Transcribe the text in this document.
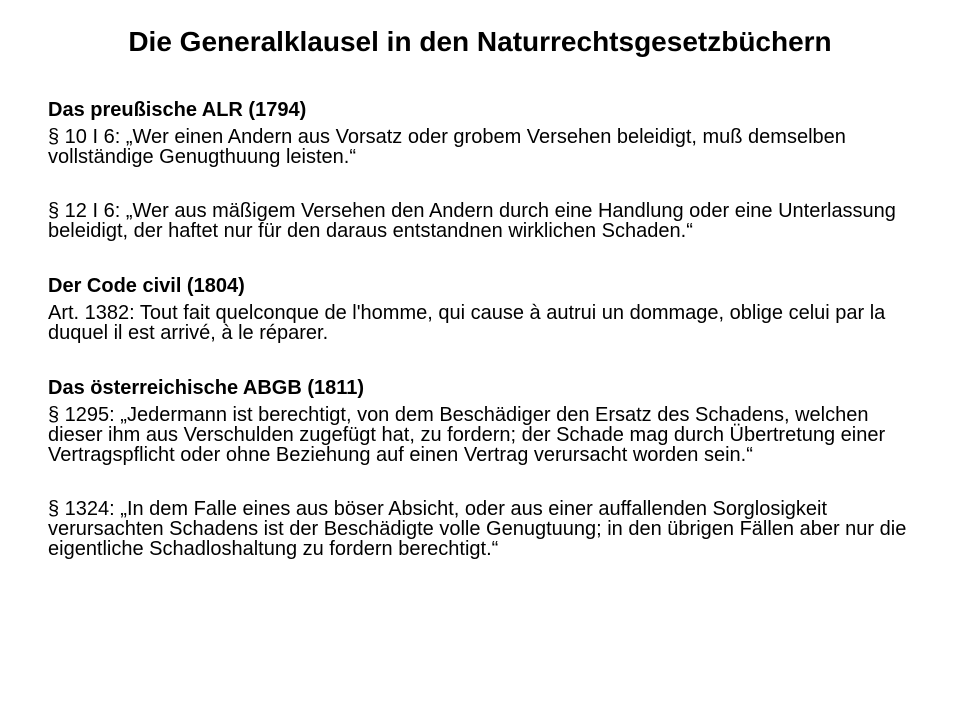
Die Generalklausel in den Naturrechtsgesetzbüchern

Das preußische ALR (1794)

§ 10 I 6: „Wer einen Andern aus Vorsatz oder grobem Versehen beleidigt, muß demselben vollständige Genugthuung leisten.“

§ 12 I 6: „Wer aus mäßigem Versehen den Andern durch eine Handlung oder eine Unterlassung beleidigt, der haftet nur für den daraus entstandnen wirklichen Schaden.“

Der Code civil (1804)

Art. 1382: Tout fait quelconque de l'homme, qui cause à autrui un dommage, oblige celui par la duquel il est arrivé, à le réparer.

Das österreichische ABGB (1811)

§ 1295: „Jedermann ist berechtigt, von dem Beschädiger den Ersatz des Schadens, welchen dieser ihm aus Verschulden zugefügt hat, zu fordern; der Schade mag durch Übertretung einer Vertragspflicht oder ohne Beziehung auf einen Vertrag verursacht worden sein.“

§ 1324: „In dem Falle eines aus böser Absicht, oder aus einer auffallenden Sorglosigkeit verursachten Schadens ist der Beschädigte volle Genugtuung; in den übrigen Fällen aber nur die eigentliche Schadloshaltung zu fordern berechtigt.“
